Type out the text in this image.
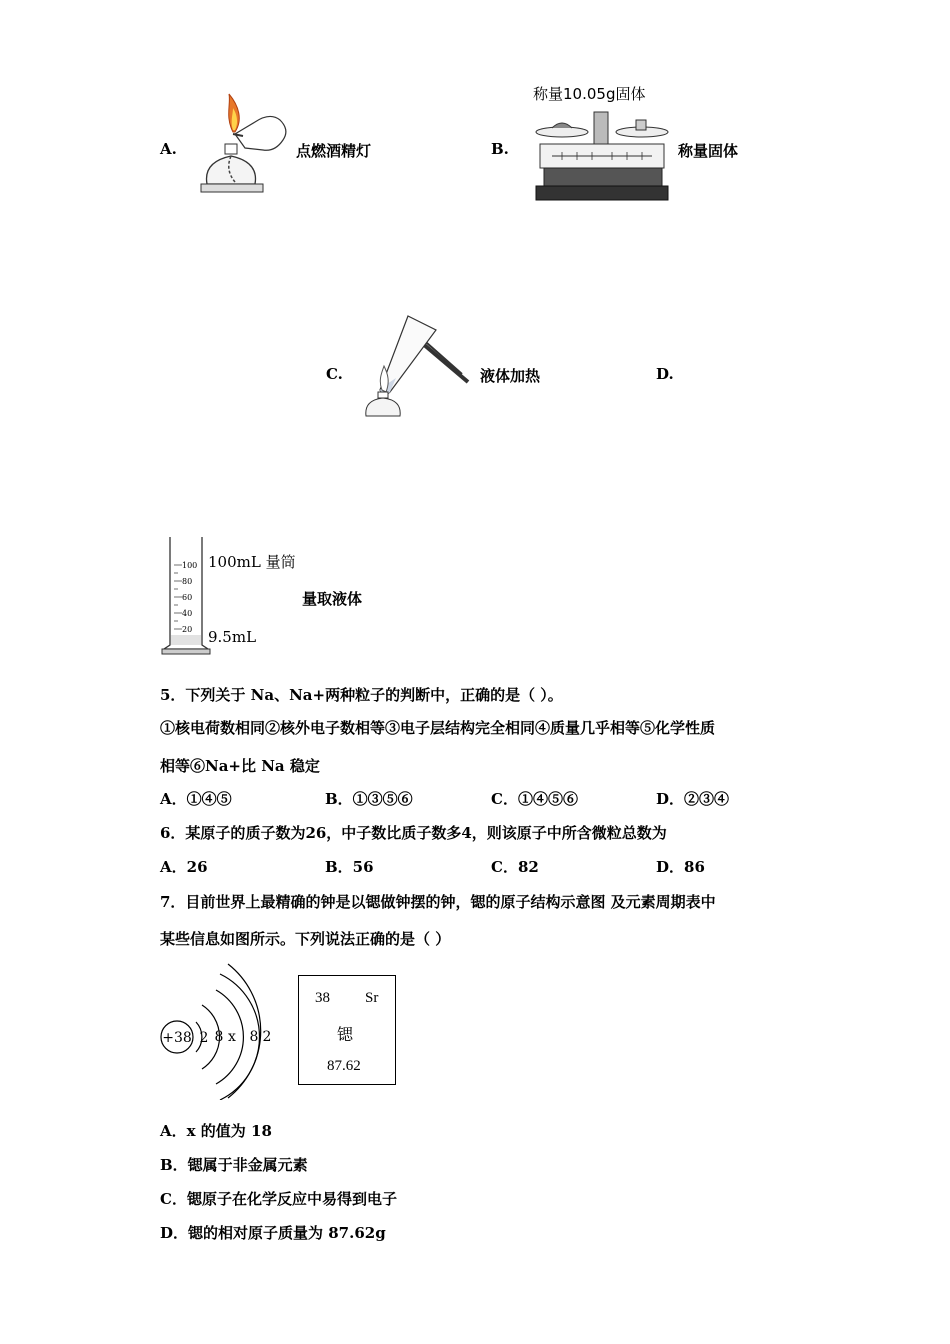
A.	点燃酒精灯	B.
称量10.05g固体
称量固体
C.	液体加热	D.
100
80
60
40
20
100mL 量筒
9.5mL
量取液体
5．下列关于 Na、Na+两种粒子的判断中，正确的是（ ）。
①核电荷数相同②核外电子数相等③电子层结构完全相同④质量几乎相等⑤化学性质
相等⑥Na+比 Na 稳定
A．①④⑤	B．①③⑤⑥	C．①④⑤⑥	D．②③④
6．某原子的质子数为26，中子数比质子数多4，则该原子中所含微粒总数为
A．26	B．56	C．82	D．86
7．目前世界上最精确的钟是以锶做钟摆的钟，锶的原子结构示意图 及元素周期表中
某些信息如图所示。下列说法正确的是（ ）
+38 2 8 x 8 2
38 Sr
锶
87.62
A．x 的值为 18
B．锶属于非金属元素
C．锶原子在化学反应中易得到电子
D．锶的相对原子质量为 87.62g
